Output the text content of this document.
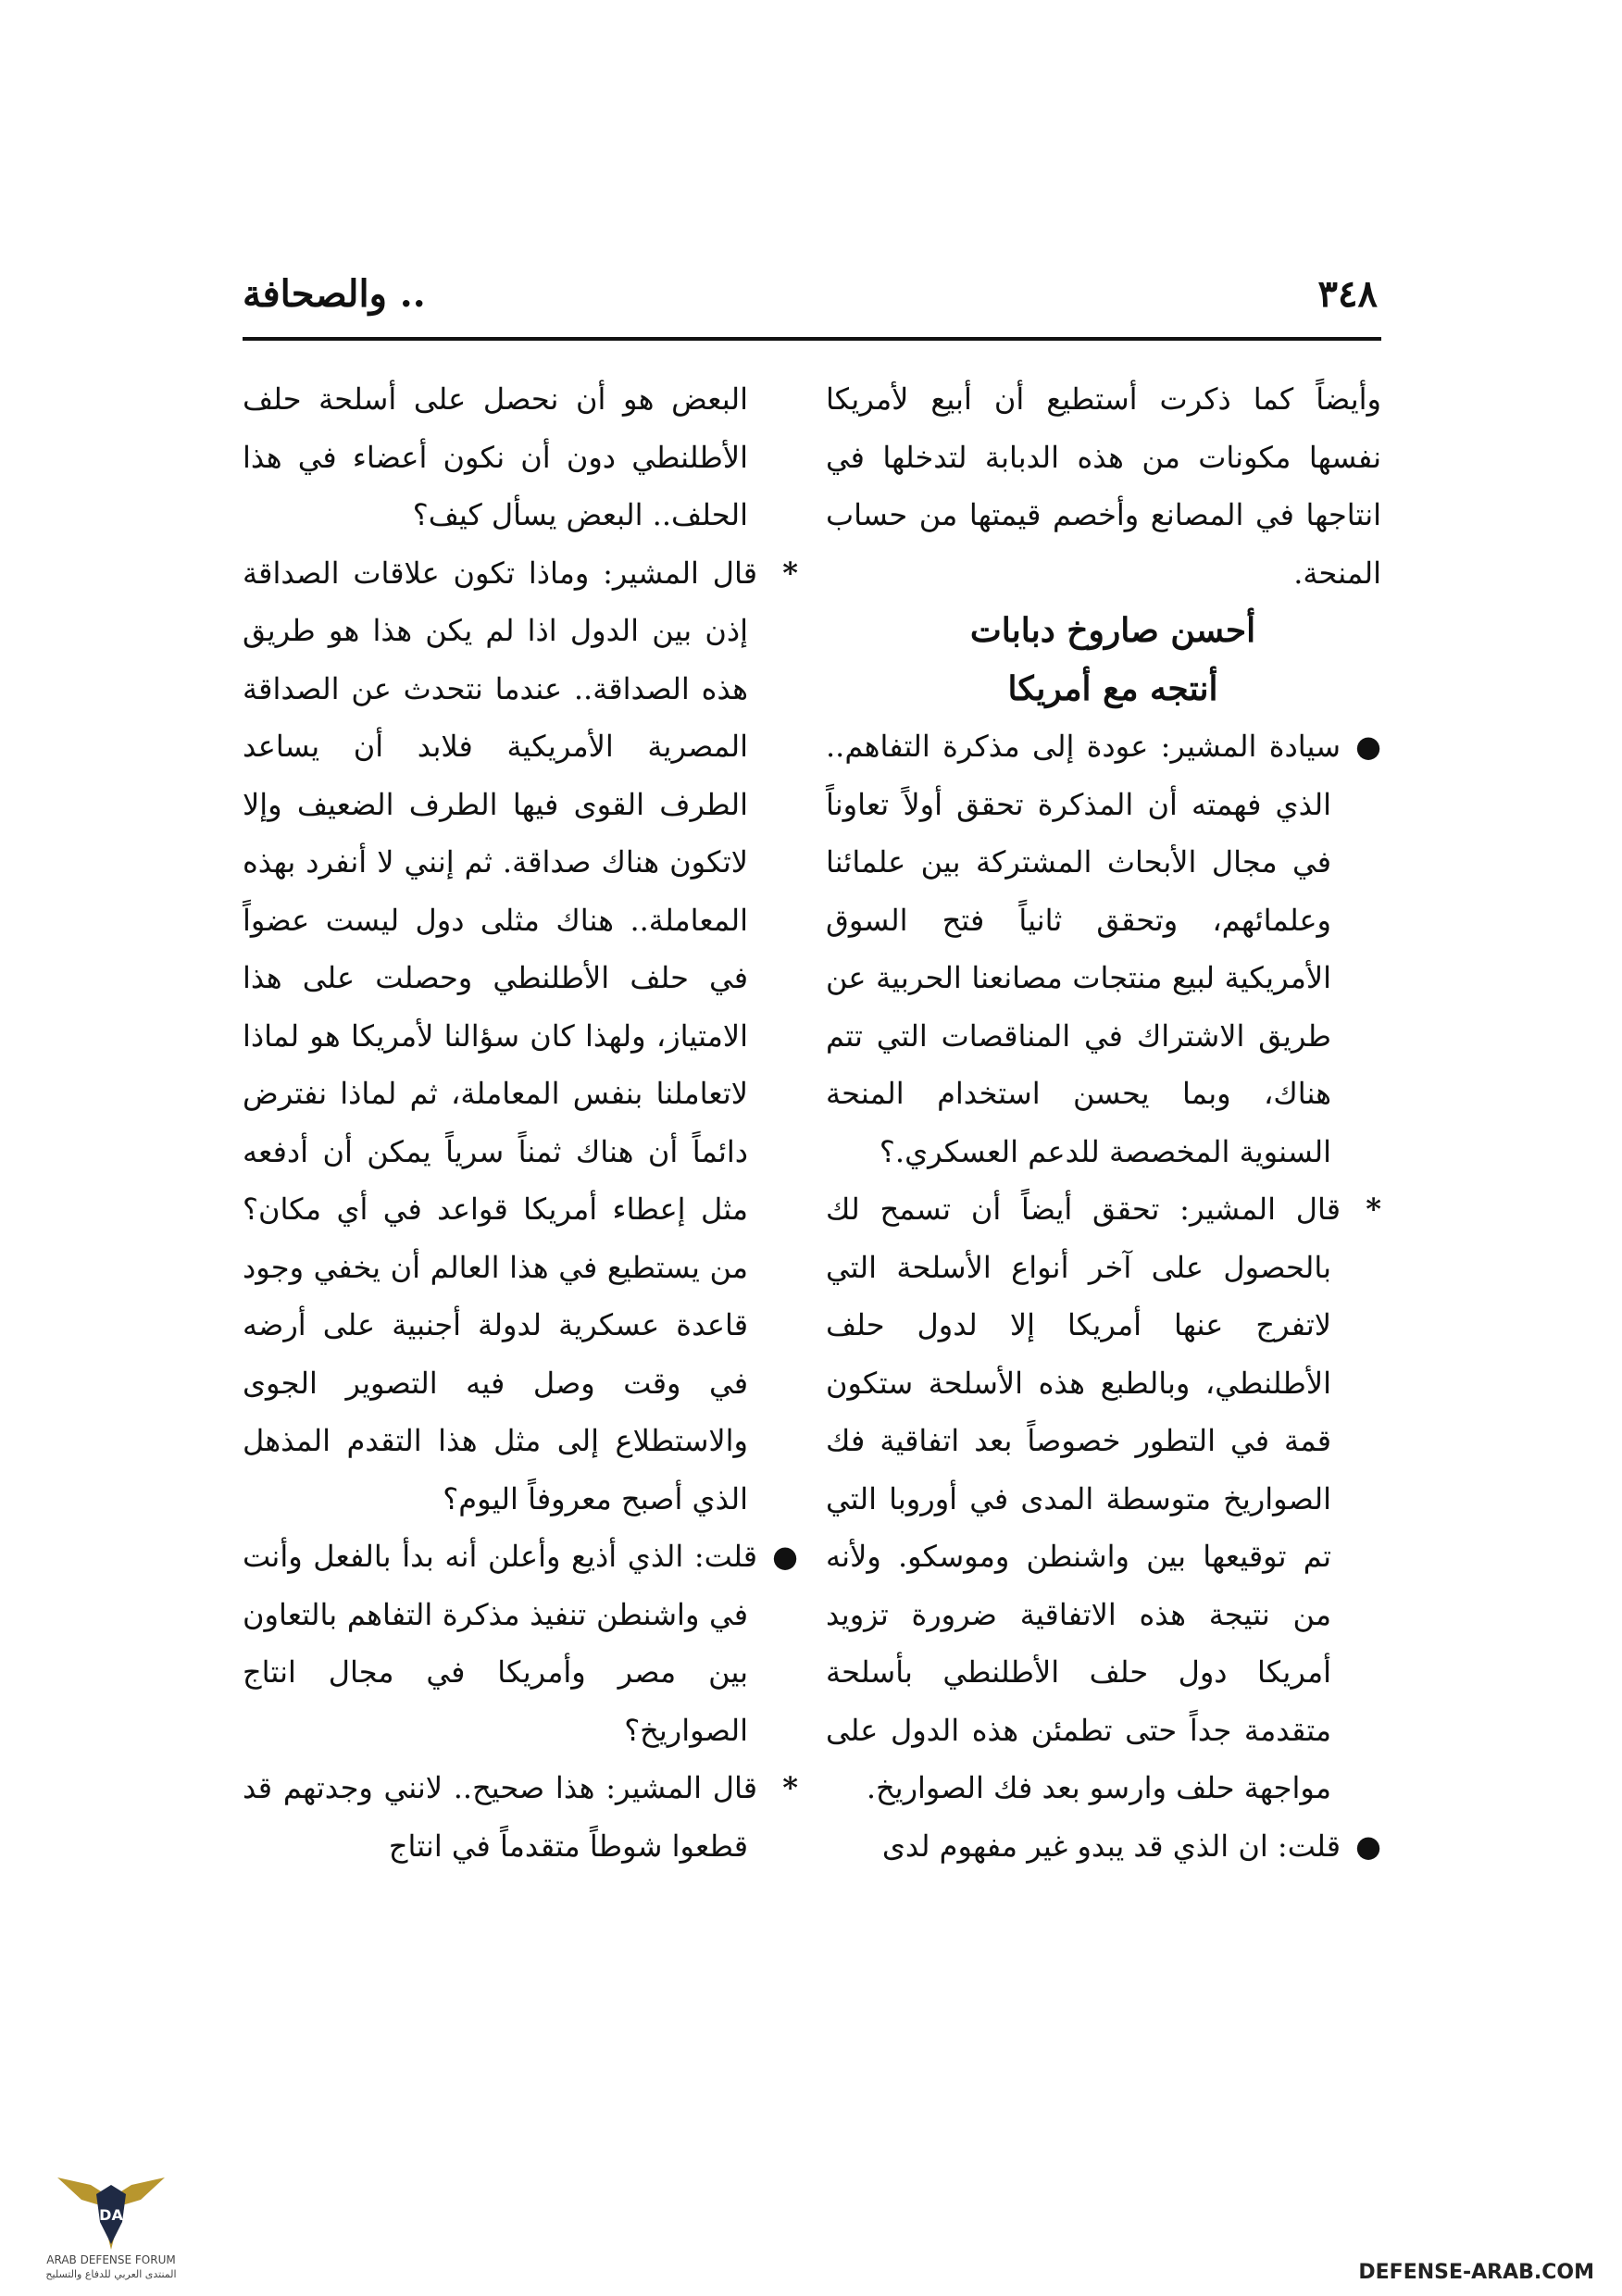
٣٤٨
.. والصحافة

وأيضاً كما ذكرت أستطيع أن أبيع لأمريكا نفسها مكونات من هذه الدبابة لتدخلها في انتاجها في المصانع وأخصم قيمتها من حساب المنحة.

أحسن صاروخ دبابات

أنتجه مع أمريكا

●سيادة المشير: عودة إلى مذكرة التفاهم.. الذي فهمته أن المذكرة تحقق أولاً تعاوناً في مجال الأبحاث المشتركة بين علمائنا وعلمائهم، وتحقق ثانياً فتح السوق الأمريكية لبيع منتجات مصانعنا الحربية عن طريق الاشتراك في المناقصات التي تتم هناك، وبما يحسن استخدام المنحة السنوية المخصصة للدعم العسكري.؟

*قال المشير: تحقق أيضاً أن تسمح لك بالحصول على آخر أنواع الأسلحة التي لاتفرج عنها أمريكا إلا لدول حلف الأطلنطي، وبالطبع هذه الأسلحة ستكون قمة في التطور خصوصاً بعد اتفاقية فك الصواريخ متوسطة المدى في أوروبا التي تم توقيعها بين واشنطن وموسكو. ولأنه من نتيجة هذه الاتفاقية ضرورة تزويد أمريكا دول حلف الأطلنطي بأسلحة متقدمة جداً حتى تطمئن هذه الدول على مواجهة حلف وارسو بعد فك الصواريخ.

●قلت: ان الذي قد يبدو غير مفهوم لدى

البعض هو أن نحصل على أسلحة حلف الأطلنطي دون أن نكون أعضاء في هذا الحلف.. البعض يسأل كيف؟

*قال المشير: وماذا تكون علاقات الصداقة إذن بين الدول اذا لم يكن هذا هو طريق هذه الصداقة.. عندما نتحدث عن الصداقة المصرية الأمريكية فلابد أن يساعد الطرف القوى فيها الطرف الضعيف وإلا لاتكون هناك صداقة. ثم إنني لا أنفرد بهذه المعاملة.. هناك مثلى دول ليست عضواً في حلف الأطلنطي وحصلت على هذا الامتياز، ولهذا كان سؤالنا لأمريكا هو لماذا لاتعاملنا بنفس المعاملة، ثم لماذا نفترض دائماً أن هناك ثمناً سرياً يمكن أن أدفعه مثل إعطاء أمريكا قواعد في أي مكان؟ من يستطيع في هذا العالم أن يخفي وجود قاعدة عسكرية لدولة أجنبية على أرضه في وقت وصل فيه التصوير الجوى والاستطلاع إلى مثل هذا التقدم المذهل الذي أصبح معروفاً اليوم؟

●قلت: الذي أذيع وأعلن أنه بدأ بالفعل وأنت في واشنطن تنفيذ مذكرة التفاهم بالتعاون بين مصر وأمريكا في مجال انتاج الصواريخ؟

*قال المشير: هذا صحيح.. لانني وجدتهم قد قطعوا شوطاً متقدماً في انتاج

DA
ARAB DEFENSE FORUM
المنتدى العربي للدفاع والتسليح	DEFENSE-ARAB.COM
